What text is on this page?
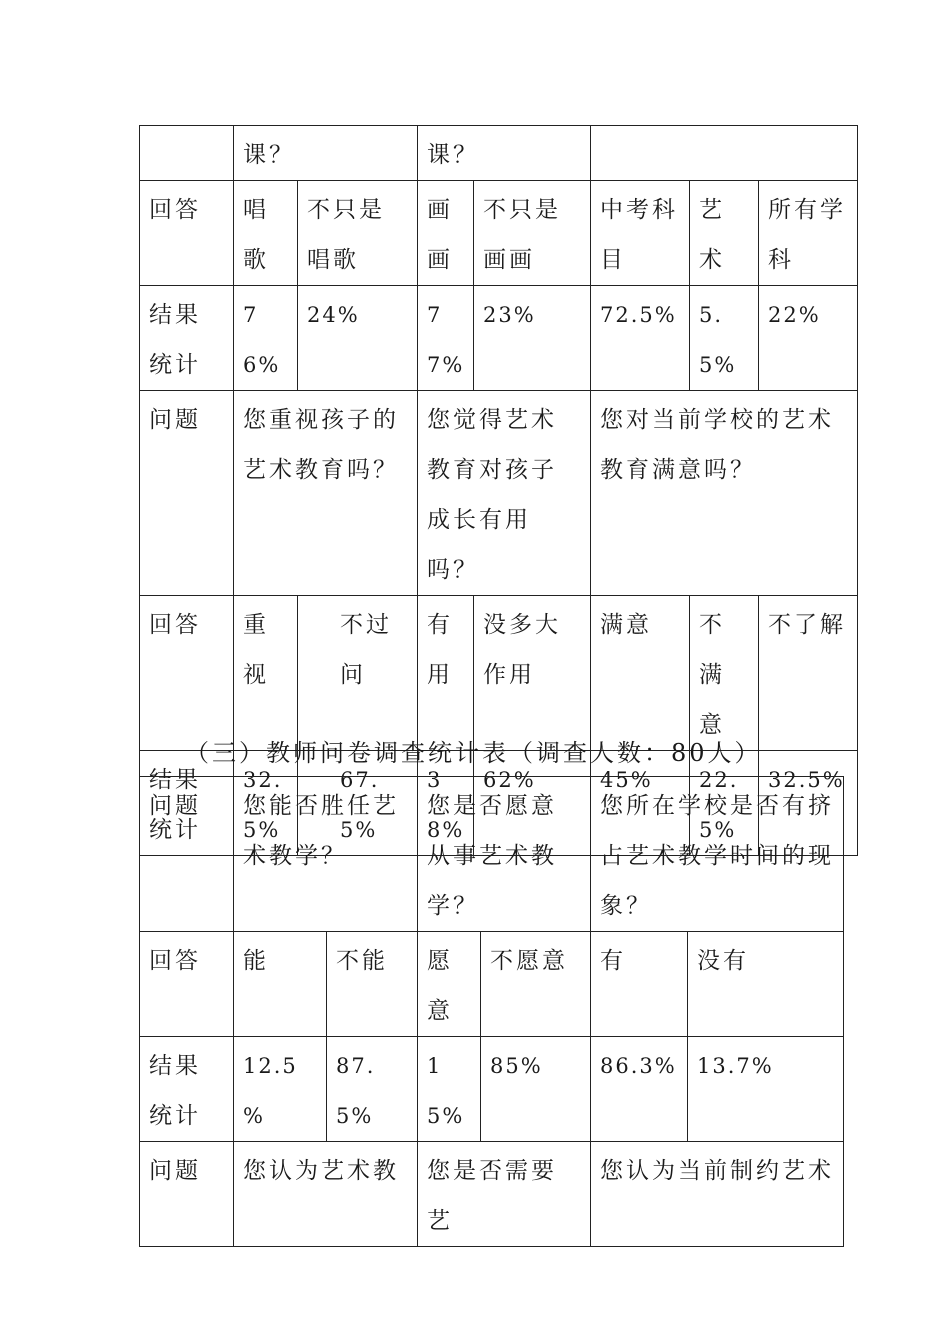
	课？		课？				
回答	唱歌	不只是唱歌	画画	不只是画画	中考科目	艺术	所有学科
结果统计	76%	24%	77%	23%	72.5%	5.5%	22%
问题	您重视孩子的艺术教育吗？		您觉得艺术教育对孩子成长有用吗？		您对当前学校的艺术教育满意吗？		
回答	重视	不过问	有用	没多大作用	满意	不满意	不了解
结果统计	32.5%	67.5%	38%	62%	45%	22.5%	32.5%
（三）教师问卷调查统计表（调查人数：80人）
问题	您能否胜任艺术教学？		您是否愿意从事艺术教学？		您所在学校是否有挤占艺术教学时间的现象？	
回答	能	不能	愿意	不愿意	有	没有
结果统计	12.5 %	87.5%	15%	85%	86.3%	13.7%
问题	您认为艺术教		您是否需要艺		您认为当前制约艺术	
